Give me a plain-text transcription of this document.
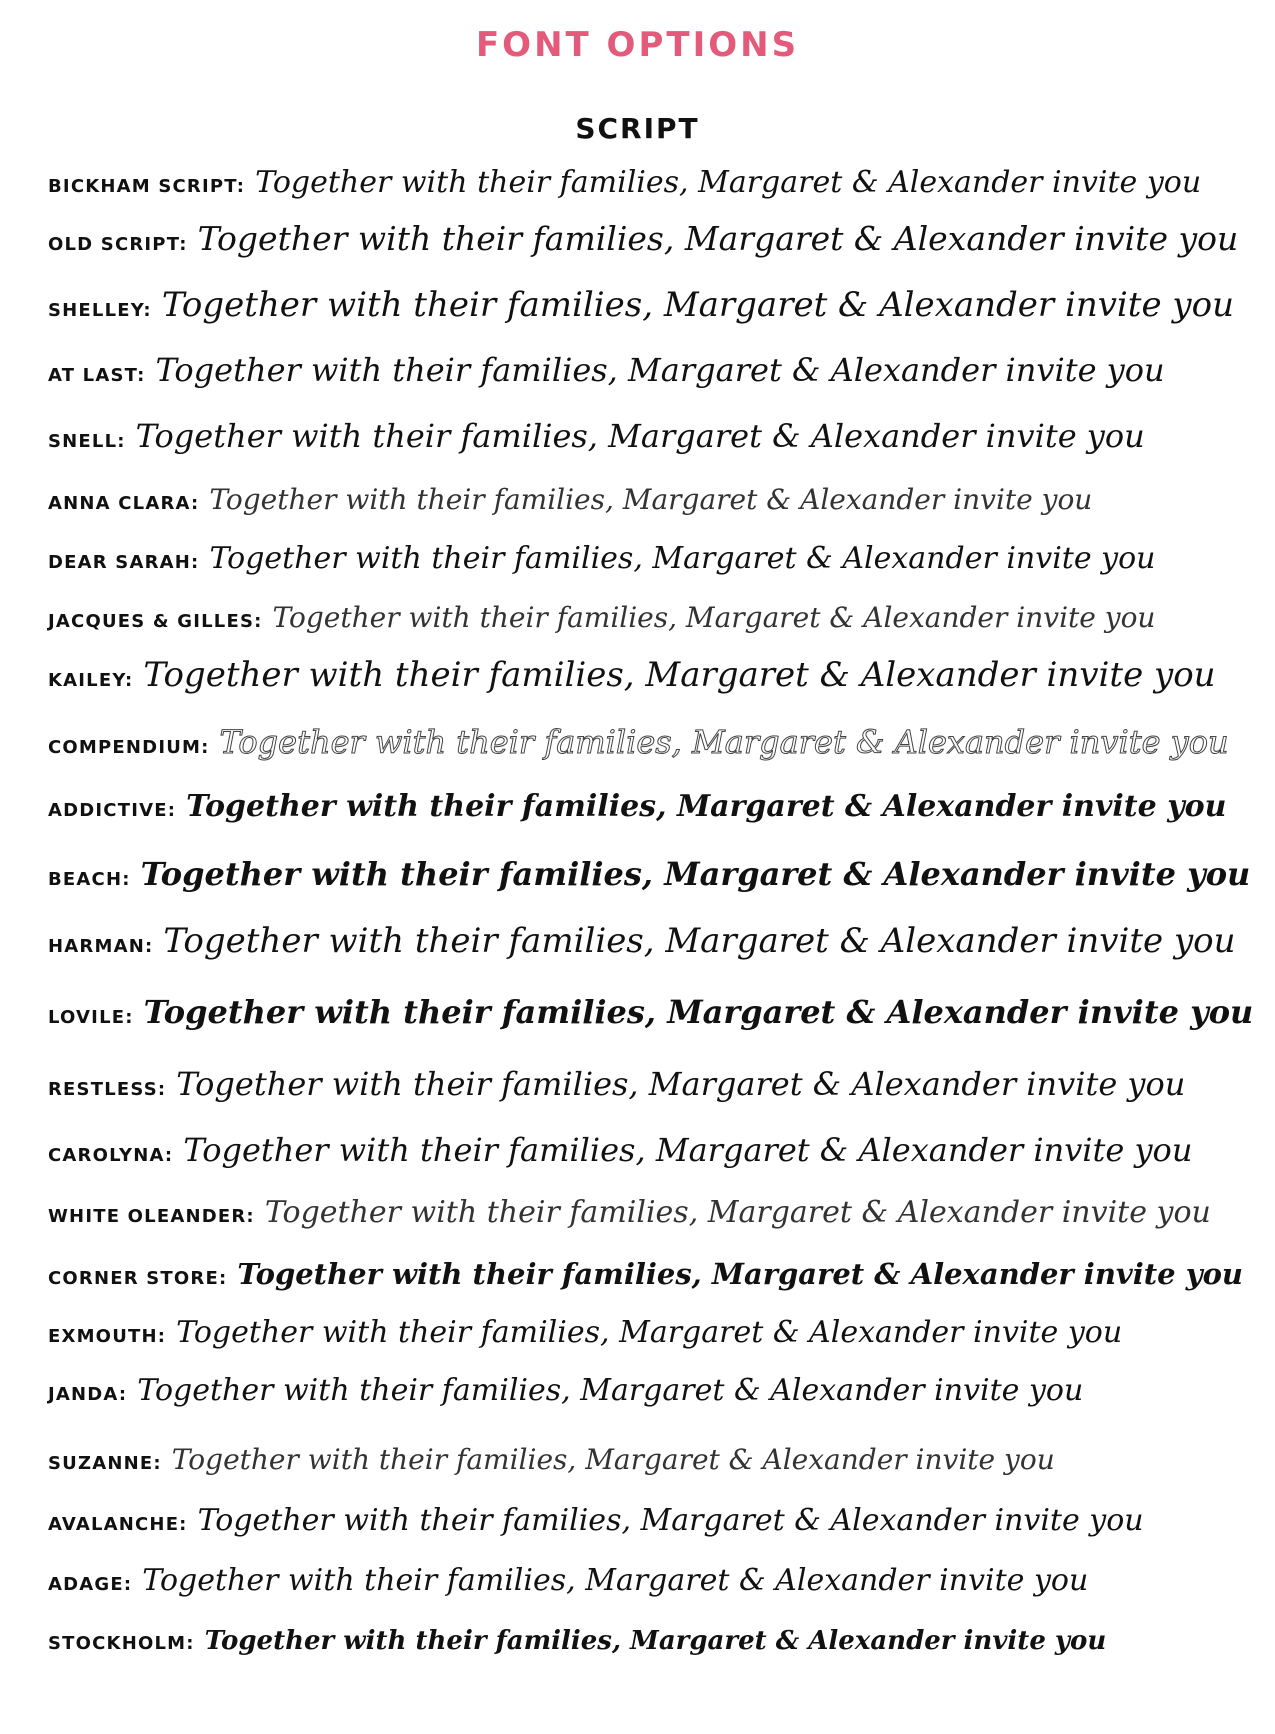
FONT OPTIONS
SCRIPT
BICKHAM SCRIPT: Together with their families, Margaret & Alexander invite you
OLD SCRIPT: Together with their families, Margaret & Alexander invite you
SHELLEY: Together with their families, Margaret & Alexander invite you
AT LAST: Together with their families, Margaret & Alexander invite you
SNELL: Together with their families, Margaret & Alexander invite you
ANNA CLARA: Together with their families, Margaret & Alexander invite you
DEAR SARAH: Together with their families, Margaret & Alexander invite you
JACQUES & GILLES: Together with their families, Margaret & Alexander invite you
KAILEY: Together with their families, Margaret & Alexander invite you
COMPENDIUM: Together with their families, Margaret & Alexander invite you
ADDICTIVE: Together with their families, Margaret & Alexander invite you
BEACH: Together with their families, Margaret & Alexander invite you
HARMAN: Together with their families, Margaret & Alexander invite you
LOVILE: Together with their families, Margaret & Alexander invite you
RESTLESS: Together with their families, Margaret & Alexander invite you
CAROLYNA: Together with their families, Margaret & Alexander invite you
WHITE OLEANDER: Together with their families, Margaret & Alexander invite you
CORNER STORE: Together with their families, Margaret & Alexander invite you
EXMOUTH: Together with their families, Margaret & Alexander invite you
JANDA: Together with their families, Margaret & Alexander invite you
SUZANNE: Together with their families, Margaret & Alexander invite you
AVALANCHE: Together with their families, Margaret & Alexander invite you
ADAGE: Together with their families, Margaret & Alexander invite you
STOCKHOLM: Together with their families, Margaret & Alexander invite you
